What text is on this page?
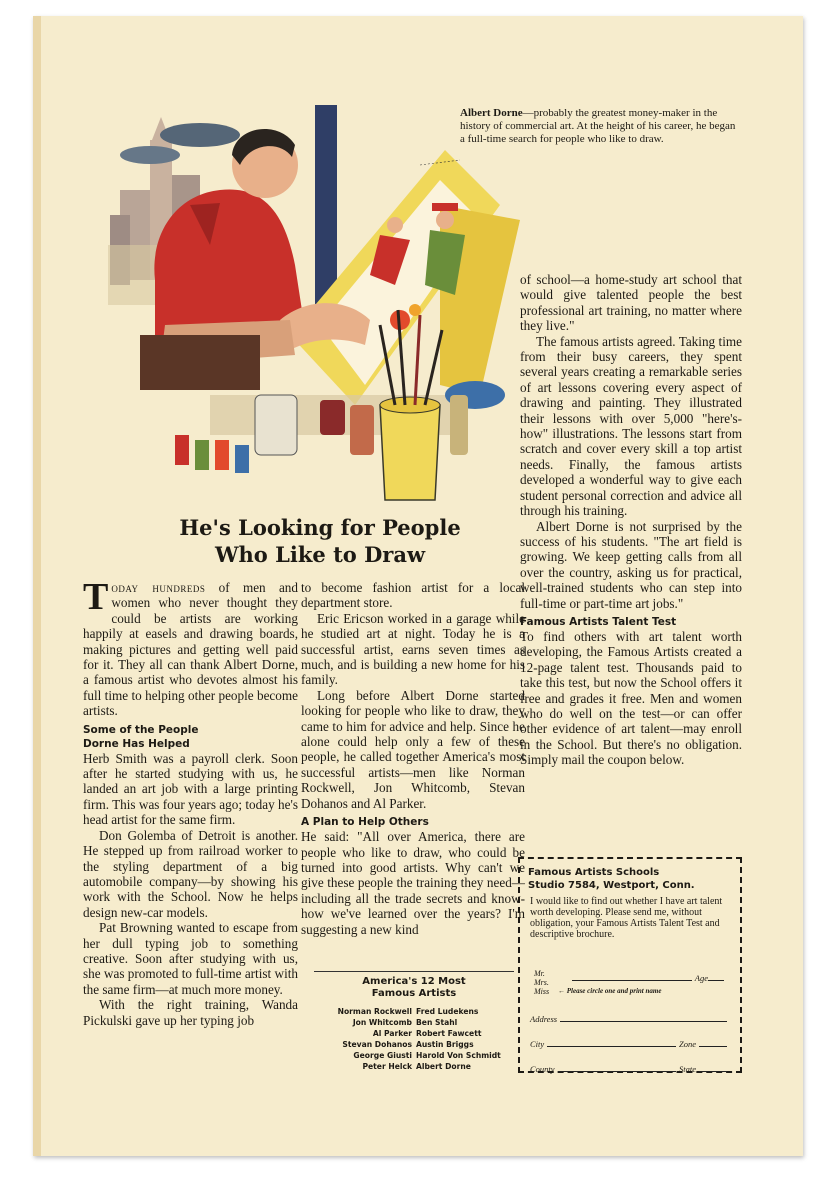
Albert Dorne—probably the greatest money-maker in the history of commercial art. At the height of his career, he began a full-time search for people who like to draw.
He's Looking for People
Who Like to Draw

Today hundreds of men and women who never thought they could be artists are working happily at easels and drawing boards, making pictures and getting well paid for it. They all can thank Albert Dorne, a famous artist who devotes almost his full time to helping other people become artists.

Some of the People
Dorne Has Helped

Herb Smith was a payroll clerk. Soon after he started studying with us, he landed an art job with a large printing firm. This was four years ago; today he's head artist for the same firm.

Don Golemba of Detroit is another. He stepped up from railroad worker to the styling department of a big automobile company—by showing his work with the School. Now he helps design new-car models.

Pat Browning wanted to escape from her dull typing job to something creative. Soon after studying with us, she was promoted to full-time artist with the same firm—at much more money.

With the right training, Wanda Pickulski gave up her typing job

to become fashion artist for a local department store.

Eric Ericson worked in a garage while he studied art at night. Today he is a successful artist, earns seven times as much, and is building a new home for his family.

Long before Albert Dorne started looking for people who like to draw, they came to him for advice and help. Since he alone could help only a few of these people, he called together America's most successful artists—men like Norman Rockwell, Jon Whitcomb, Stevan Dohanos and Al Parker.

A Plan to Help Others

He said: "All over America, there are people who like to draw, who could be turned into good artists. Why can't we give these people the training they need—including all the trade secrets and know-how we've learned over the years? I'm suggesting a new kind

America's 12 Most
Famous Artists
Norman Rockwell	Fred Ludekens
Jon Whitcomb	Ben Stahl
Al Parker	Robert Fawcett
Stevan Dohanos	Austin Briggs
George Giusti	Harold Von Schmidt
Peter Helck	Albert Dorne

of school—a home-study art school that would give talented people the best professional art training, no matter where they live."

The famous artists agreed. Taking time from their busy careers, they spent several years creating a remarkable series of art lessons covering every aspect of drawing and painting. They illustrated their lessons with over 5,000 "here's-how" illustrations. The lessons start from scratch and cover every skill a top artist needs. Finally, the famous artists developed a wonderful way to give each student personal correction and advice all through his training.

Albert Dorne is not surprised by the success of his students. "The art field is growing. We keep getting calls from all over the country, asking us for practical, well-trained students who can step into full-time or part-time art jobs."

Famous Artists Talent Test

To find others with art talent worth developing, the Famous Artists created a 12-page talent test. Thousands paid to take this test, but now the School offers it free and grades it free. Men and women who do well on the test—or can offer other evidence of art talent—may enroll in the School. But there's no obligation. Simply mail the coupon below.

Famous Artists Schools
Studio 7584, Westport, Conn.
I would like to find out whether I have art talent worth developing. Please send me, without obligation, your Famous Artists Talent Test and descriptive brochure.
Mr.
Mrs.
Miss
Age
← Please circle one and print name
Address
City	Zone
County	State
